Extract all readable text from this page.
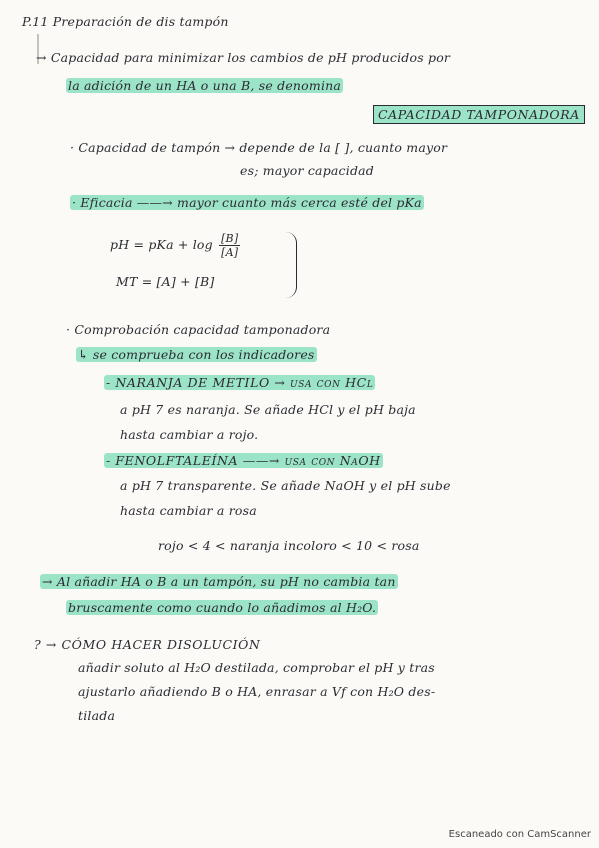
P.11 Preparación de dis tampón
→ Capacidad para minimizar los cambios de pH producidos por
la adición de un HA o una B, se denomina
CAPACIDAD TAMPONADORA
· Capacidad de tampón → depende de la [ ], cuanto mayor
es; mayor capacidad
· Eficacia ——→ mayor cuanto más cerca esté del pKa
pH = pKa + $\log \frac{[B]}{[A]}$
MT = [A] + [B]
· Comprobación capacidad tamponadora
↳ se comprueba con los indicadores
- NARANJA DE METILO → usa con HCl
a pH 7 es naranja. Se añade HCl y el pH baja
hasta cambiar a rojo.
- FENOLFTALEÍNA ——→ usa con NaOH
a pH 7 transparente. Se añade NaOH y el pH sube
hasta cambiar a rosa
rojo < 4 < naranja incoloro < 10 < rosa
→ Al añadir HA o B a un tampón, su pH no cambia tan
bruscamente como cuando lo añadimos al H₂O.
? → CÓMO HACER DISOLUCIÓN
añadir soluto al H₂O destilada, comprobar el pH y tras
ajustarlo añadiendo B o HA, enrasar a Vf con H₂O des-
tilada
Escaneado con CamScanner
